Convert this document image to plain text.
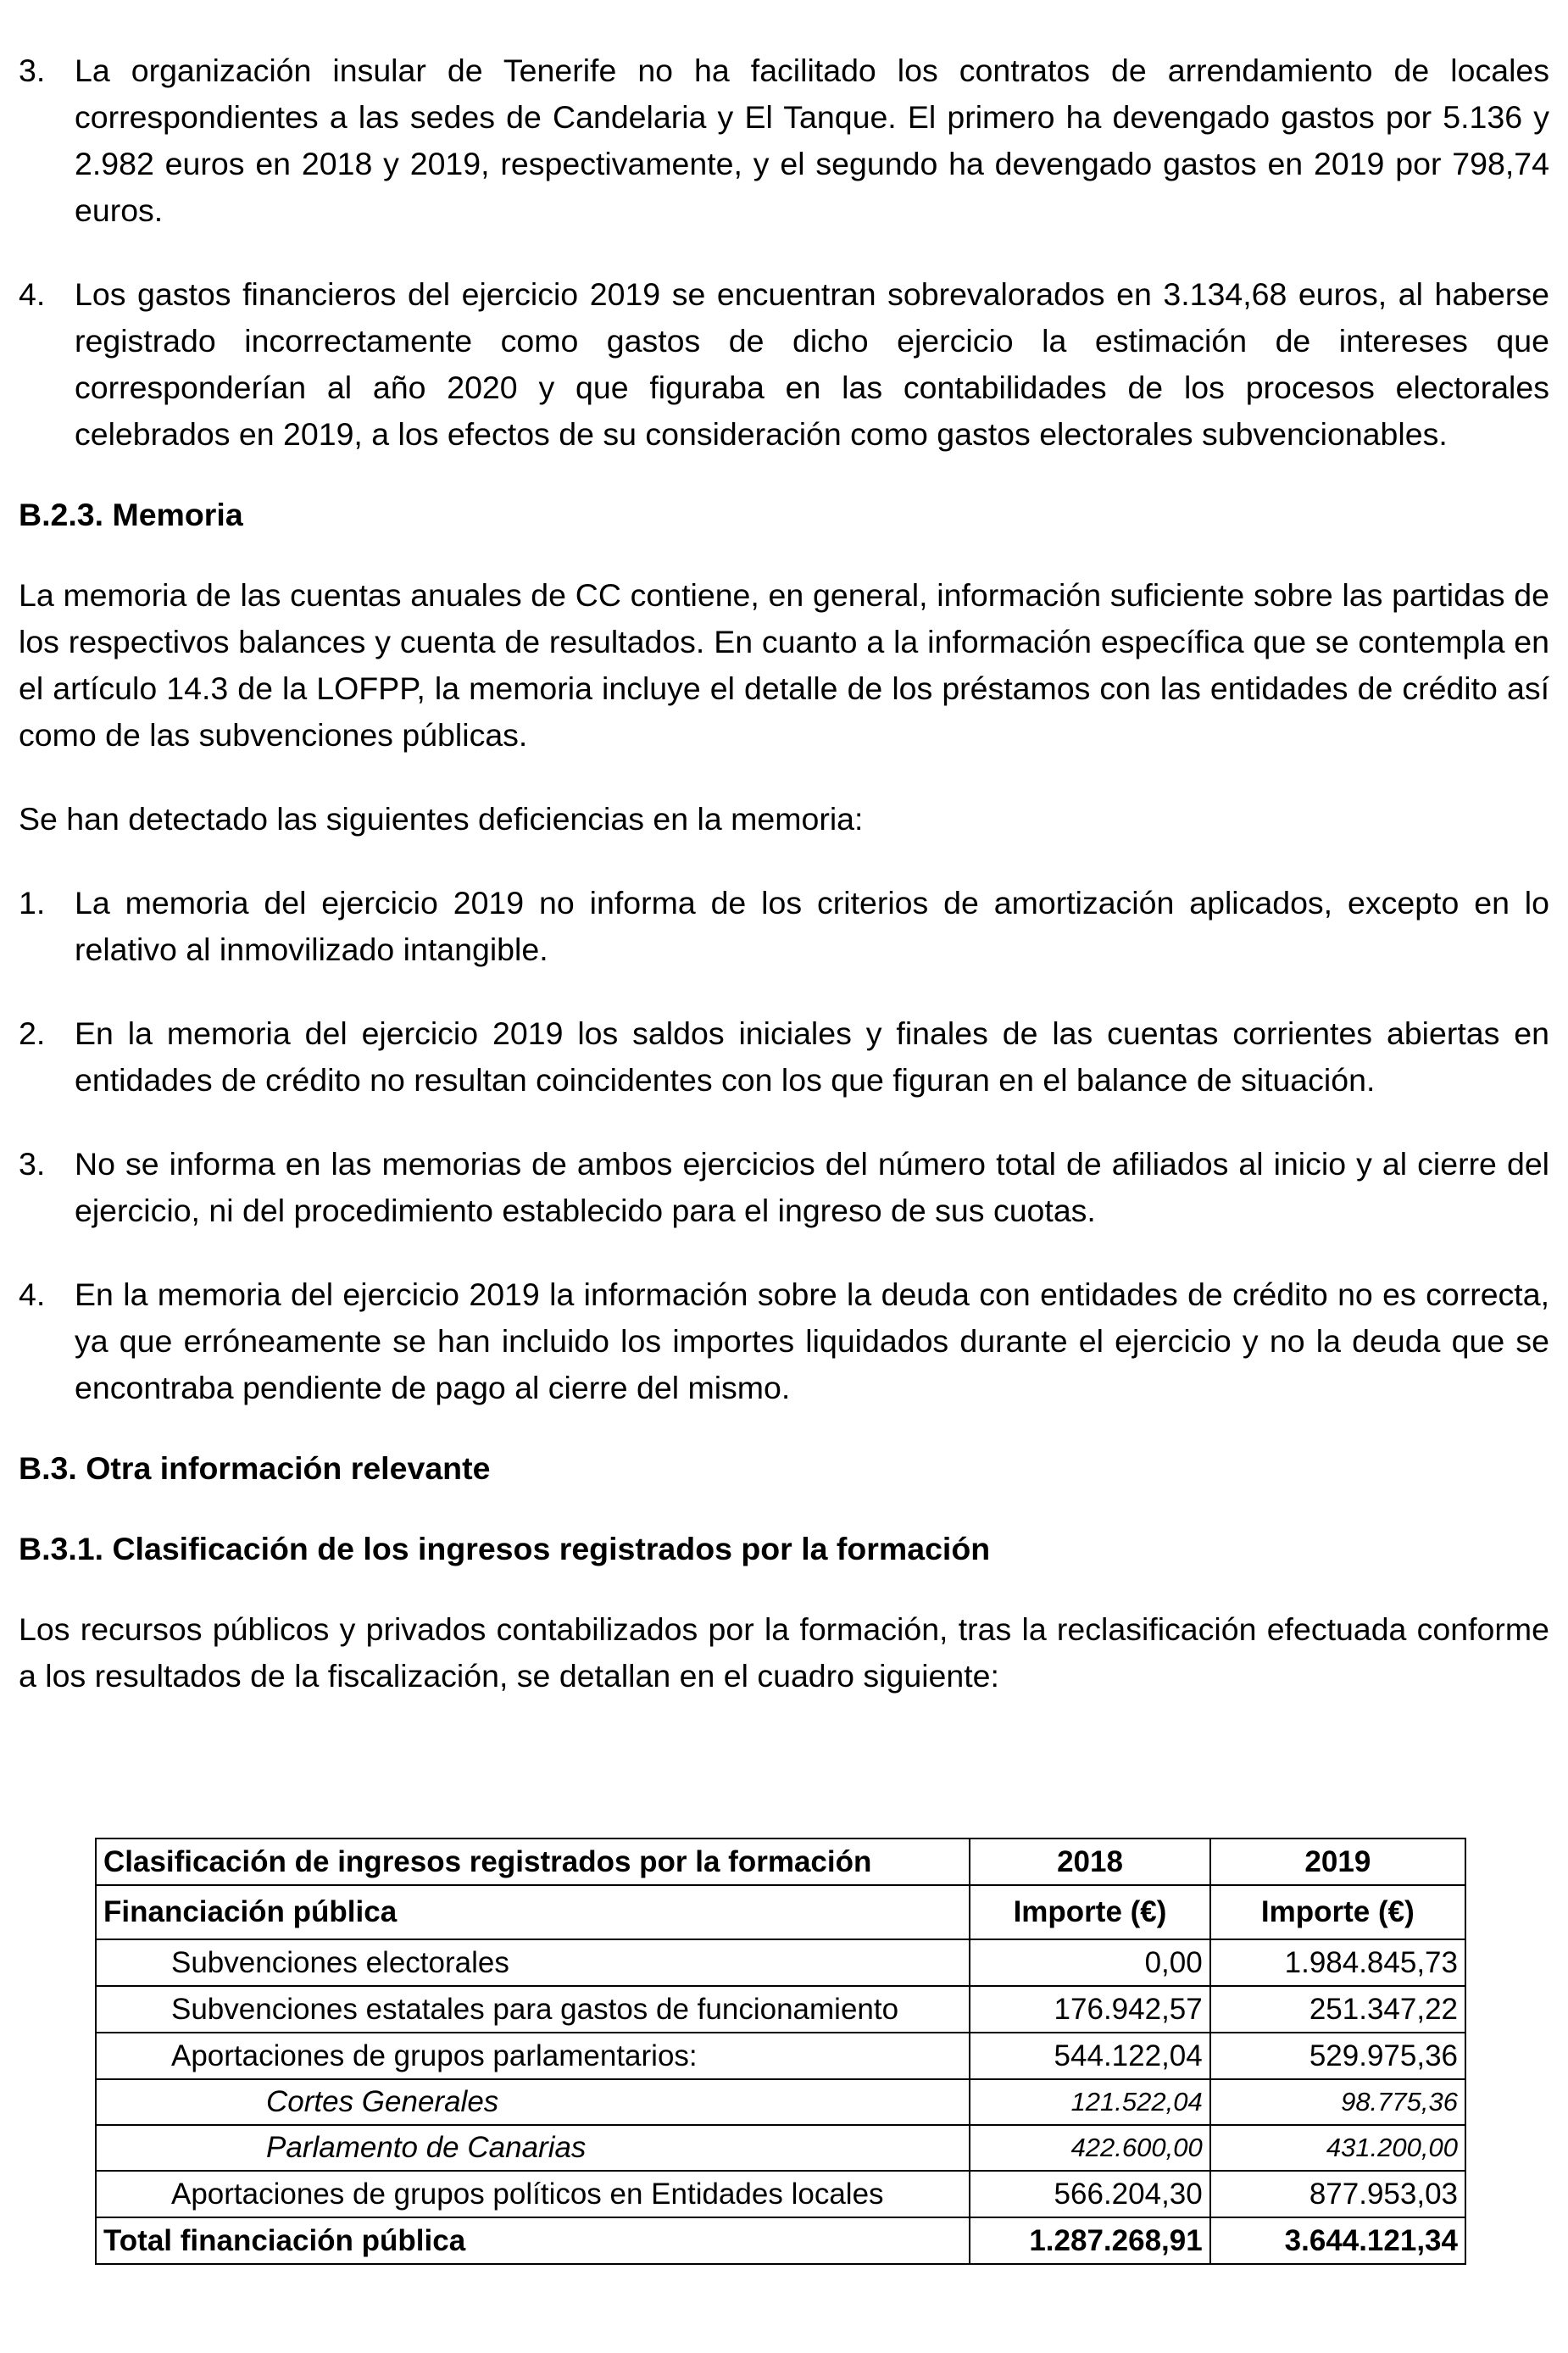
3. La organización insular de Tenerife no ha facilitado los contratos de arrendamiento de locales correspondientes a las sedes de Candelaria y El Tanque. El primero ha devengado gastos por 5.136 y 2.982 euros en 2018 y 2019, respectivamente, y el segundo ha devengado gastos en 2019 por 798,74 euros.
4. Los gastos financieros del ejercicio 2019 se encuentran sobrevalorados en 3.134,68 euros, al haberse registrado incorrectamente como gastos de dicho ejercicio la estimación de intereses que corresponderían al año 2020 y que figuraba en las contabilidades de los procesos electorales celebrados en 2019, a los efectos de su consideración como gastos electorales subvencionables.

B.2.3. Memoria

La memoria de las cuentas anuales de CC contiene, en general, información suficiente sobre las partidas de los respectivos balances y cuenta de resultados. En cuanto a la información específica que se contempla en el artículo 14.3 de la LOFPP, la memoria incluye el detalle de los préstamos con las entidades de crédito así como de las subvenciones públicas.

Se han detectado las siguientes deficiencias en la memoria:

1. La memoria del ejercicio 2019 no informa de los criterios de amortización aplicados, excepto en lo relativo al inmovilizado intangible.
2. En la memoria del ejercicio 2019 los saldos iniciales y finales de las cuentas corrientes abiertas en entidades de crédito no resultan coincidentes con los que figuran en el balance de situación.
3. No se informa en las memorias de ambos ejercicios del número total de afiliados al inicio y al cierre del ejercicio, ni del procedimiento establecido para el ingreso de sus cuotas.
4. En la memoria del ejercicio 2019 la información sobre la deuda con entidades de crédito no es correcta, ya que erróneamente se han incluido los importes liquidados durante el ejercicio y no la deuda que se encontraba pendiente de pago al cierre del mismo.

B.3. Otra información relevante

B.3.1. Clasificación de los ingresos registrados por la formación

Los recursos públicos y privados contabilizados por la formación, tras la reclasificación efectuada conforme a los resultados de la fiscalización, se detallan en el cuadro siguiente:

Clasificación de ingresos registrados por la formación	2018	2019
Financiación pública	Importe (€)	Importe (€)
Subvenciones electorales	0,00	1.984.845,73
Subvenciones estatales para gastos de funcionamiento	176.942,57	251.347,22
Aportaciones de grupos parlamentarios:	544.122,04	529.975,36
Cortes Generales	121.522,04	98.775,36
Parlamento de Canarias	422.600,00	431.200,00
Aportaciones de grupos políticos en Entidades locales	566.204,30	877.953,03
Total financiación pública	1.287.268,91	3.644.121,34
